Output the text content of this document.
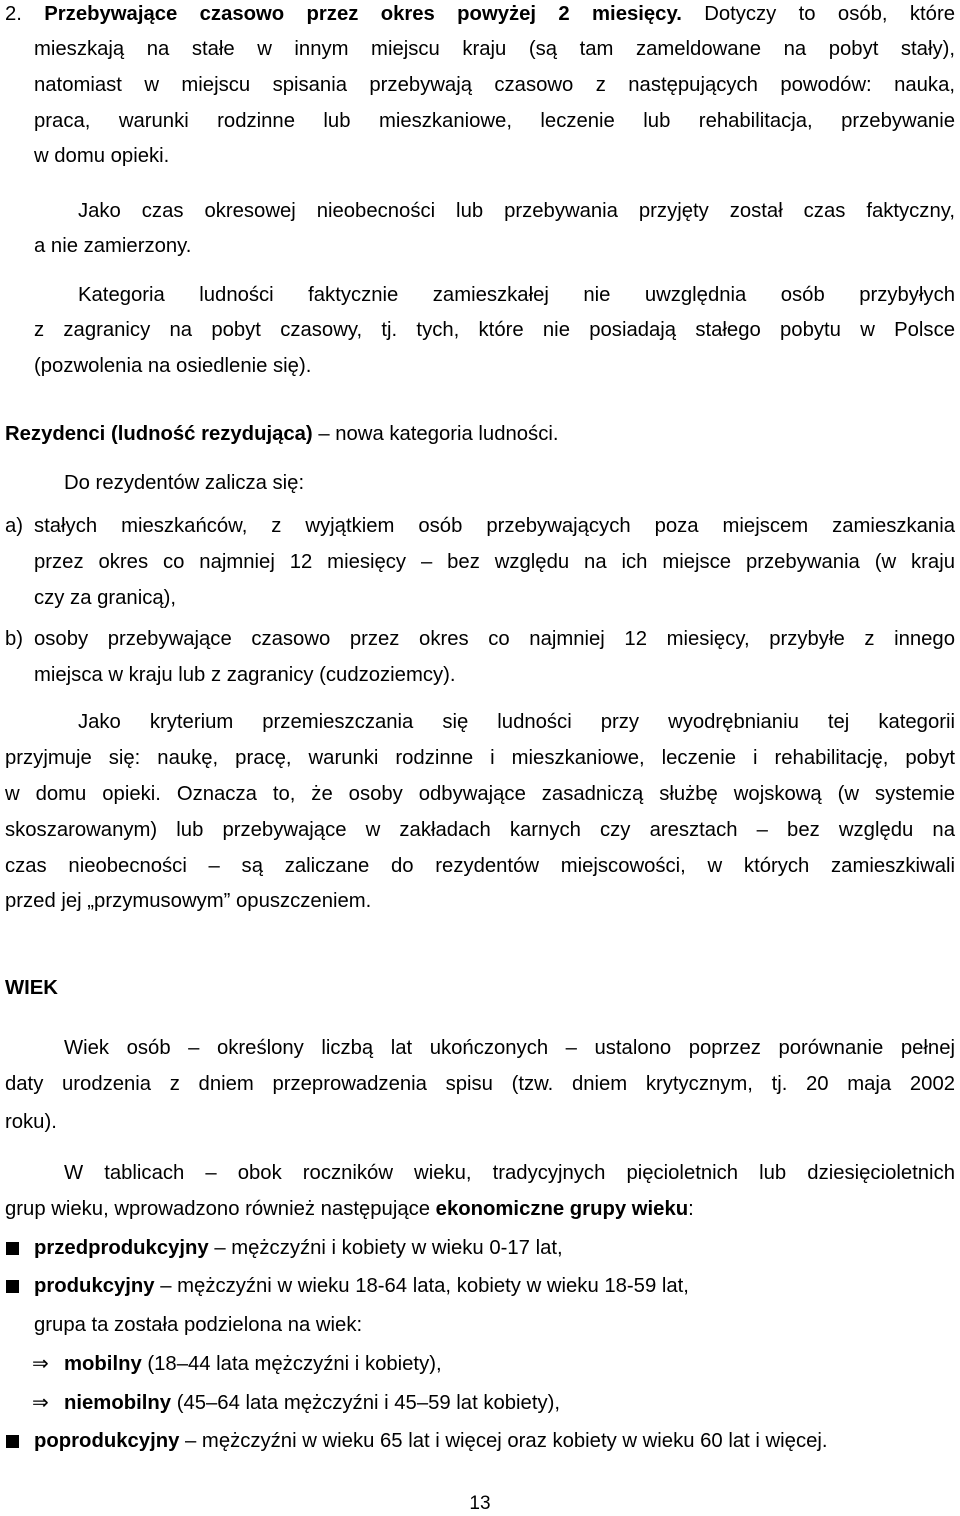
2. Przebywające czasowo przez okres powyżej 2 miesięcy. Dotyczy to osób, które
mieszkają na stałe w innym miejscu kraju (są tam zameldowane na pobyt stały),
natomiast w miejscu spisania przebywają czasowo z następujących powodów: nauka,
praca, warunki rodzinne lub mieszkaniowe, leczenie lub rehabilitacja, przebywanie
w domu opieki.
Jako czas okresowej nieobecności lub przebywania przyjęty został czas faktyczny,
a nie zamierzony.
Kategoria ludności faktycznie zamieszkałej nie uwzględnia osób przybyłych
z zagranicy na pobyt czasowy, tj. tych, które nie posiadają stałego pobytu w Polsce
(pozwolenia na osiedlenie się).
Rezydenci (ludność rezydująca) – nowa kategoria ludności.
Do rezydentów zalicza się:
a) stałych mieszkańców, z wyjątkiem osób przebywających poza miejscem zamieszkania
przez okres co najmniej 12 miesięcy – bez względu na ich miejsce przebywania (w kraju
czy za granicą),
b) osoby przebywające czasowo przez okres co najmniej 12 miesięcy, przybyłe z innego
miejsca w kraju lub z zagranicy (cudzoziemcy).
Jako kryterium przemieszczania się ludności przy wyodrębnianiu tej kategorii
przyjmuje się: naukę, pracę, warunki rodzinne i mieszkaniowe, leczenie i rehabilitację, pobyt
w domu opieki. Oznacza to, że osoby odbywające zasadniczą służbę wojskową (w systemie
skoszarowanym) lub przebywające w zakładach karnych czy aresztach – bez względu na
czas nieobecności – są zaliczane do rezydentów miejscowości, w których zamieszkiwali
przed jej „przymusowym” opuszczeniem.
WIEK
Wiek osób – określony liczbą lat ukończonych – ustalono poprzez porównanie pełnej
daty urodzenia z dniem przeprowadzenia spisu (tzw. dniem krytycznym, tj. 20 maja 2002
roku).
W tablicach – obok roczników wieku, tradycyjnych pięcioletnich lub dziesięcioletnich
grup wieku, wprowadzono również następujące ekonomiczne grupy wieku:
przedprodukcyjny – mężczyźni i kobiety w wieku 0-17 lat,
produkcyjny – mężczyźni w wieku 18-64 lata, kobiety w wieku 18-59 lat,
grupa ta została podzielona na wiek:
⇒ mobilny (18–44 lata mężczyźni i kobiety),
⇒ niemobilny (45–64 lata mężczyźni i 45–59 lat kobiety),
poprodukcyjny – mężczyźni w wieku 65 lat i więcej oraz kobiety w wieku 60 lat i więcej.
13
